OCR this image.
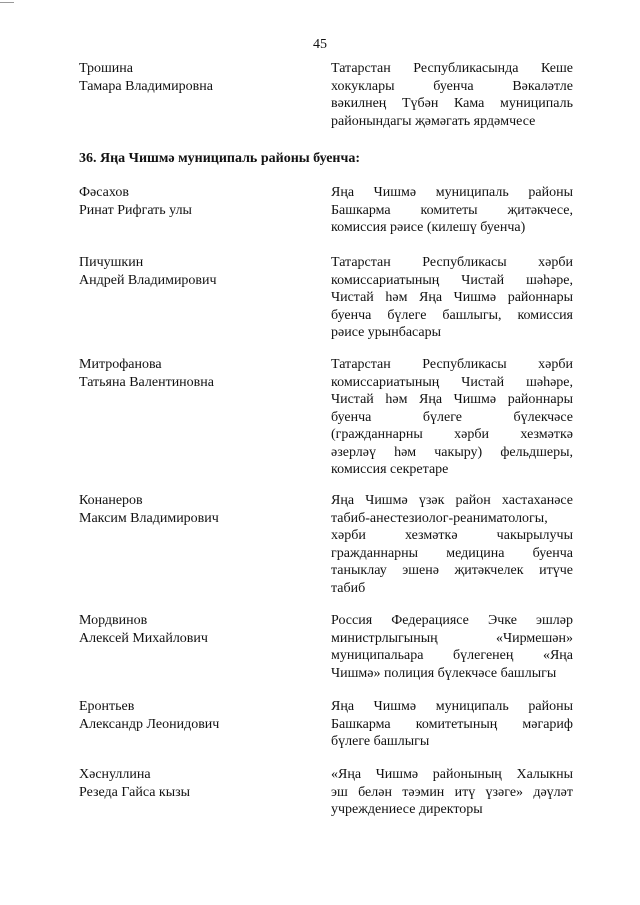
45
36. Яңа Чишмә муниципаль районы буенча:
Трошина
Тамара Владимировна
Татарстан Республикасында Кеше
хокуклары буенча Вәкаләтле
вәкилнең Түбән Кама муниципаль
районындагы җәмәгать ярдәмчесе
Фәсахов
Ринат Рифгать улы
Яңа Чишмә муниципаль районы
Башкарма комитеты җитәкчесе,
комиссия рәисе (килешү буенча)
Пичушкин
Андрей Владимирович
Татарстан Республикасы хәрби
комиссариатының Чистай шәһәре,
Чистай һәм Яңа Чишмә районнары
буенча бүлеге башлыгы, комиссия
рәисе урынбасары
Митрофанова
Татьяна Валентиновна
Татарстан Республикасы хәрби
комиссариатының Чистай шәһәре,
Чистай һәм Яңа Чишмә районнары
буенча бүлеге бүлекчәсе
(гражданнарны хәрби хезмәткә
әзерләү һәм чакыру) фельдшеры,
комиссия секретаре
Конанеров
Максим Владимирович
Яңа Чишмә үзәк район хастаханәсе
табиб-анестезиолог-реаниматологы,
хәрби хезмәткә чакырылучы
гражданнарны медицина буенча
таныклау эшенә җитәкчелек итүче
табиб
Мордвинов
Алексей Михайлович
Россия Федерациясе Эчке эшләр
министрлыгының «Чирмешән»
муниципальара бүлегенең «Яңа
Чишмә» полиция бүлекчәсе башлыгы
Еронтьев
Александр Леонидович
Яңа Чишмә муниципаль районы
Башкарма комитетының мәгариф
бүлеге башлыгы
Хәснуллина
Резеда Гайса кызы
«Яңа Чишмә районының Халыкны
эш белән тәэмин итү үзәге» дәүләт
учреждениесе директоры
